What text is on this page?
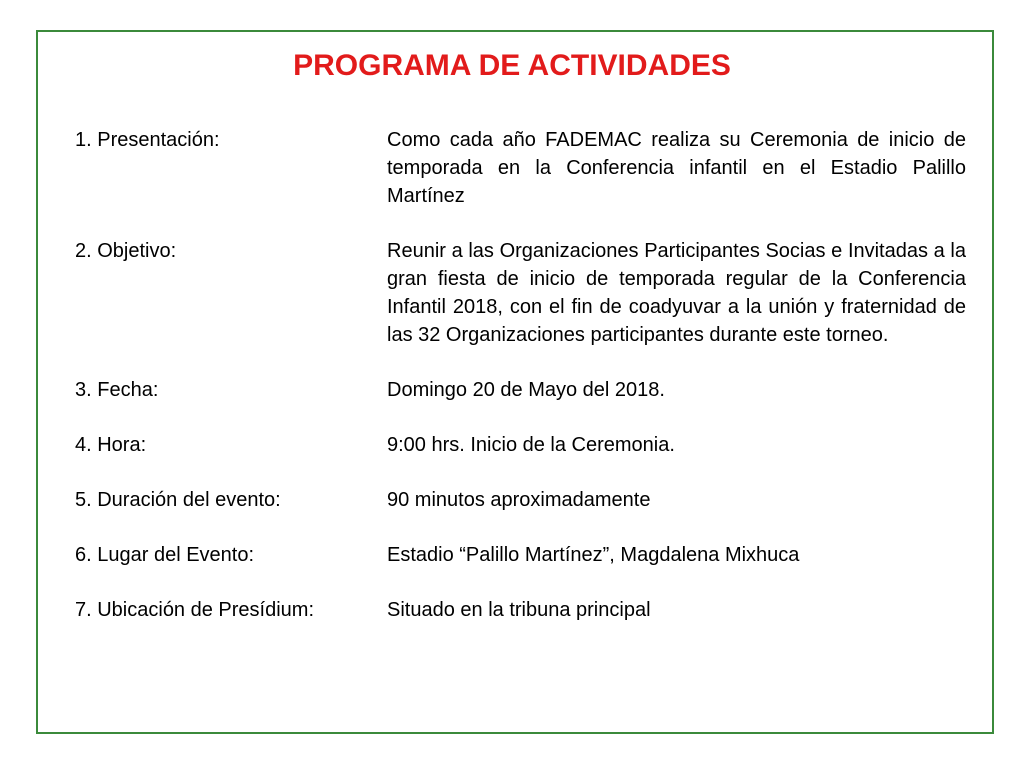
PROGRAMA DE ACTIVIDADES
1. Presentación:	Como cada año FADEMAC realiza su Ceremonia de inicio de temporada en la Conferencia infantil en el Estadio Palillo Martínez
2. Objetivo:	Reunir a las Organizaciones Participantes Socias e Invitadas a la gran fiesta de inicio de temporada regular de la Conferencia Infantil 2018, con el fin de coadyuvar a la unión y fraternidad de las 32 Organizaciones participantes durante este torneo.
3. Fecha:	Domingo 20 de Mayo del 2018.
4. Hora:	9:00 hrs. Inicio de la Ceremonia.
5. Duración del evento:	90 minutos aproximadamente
6. Lugar del Evento:	Estadio “Palillo Martínez”, Magdalena Mixhuca
7. Ubicación de Presídium:	Situado en la tribuna principal
